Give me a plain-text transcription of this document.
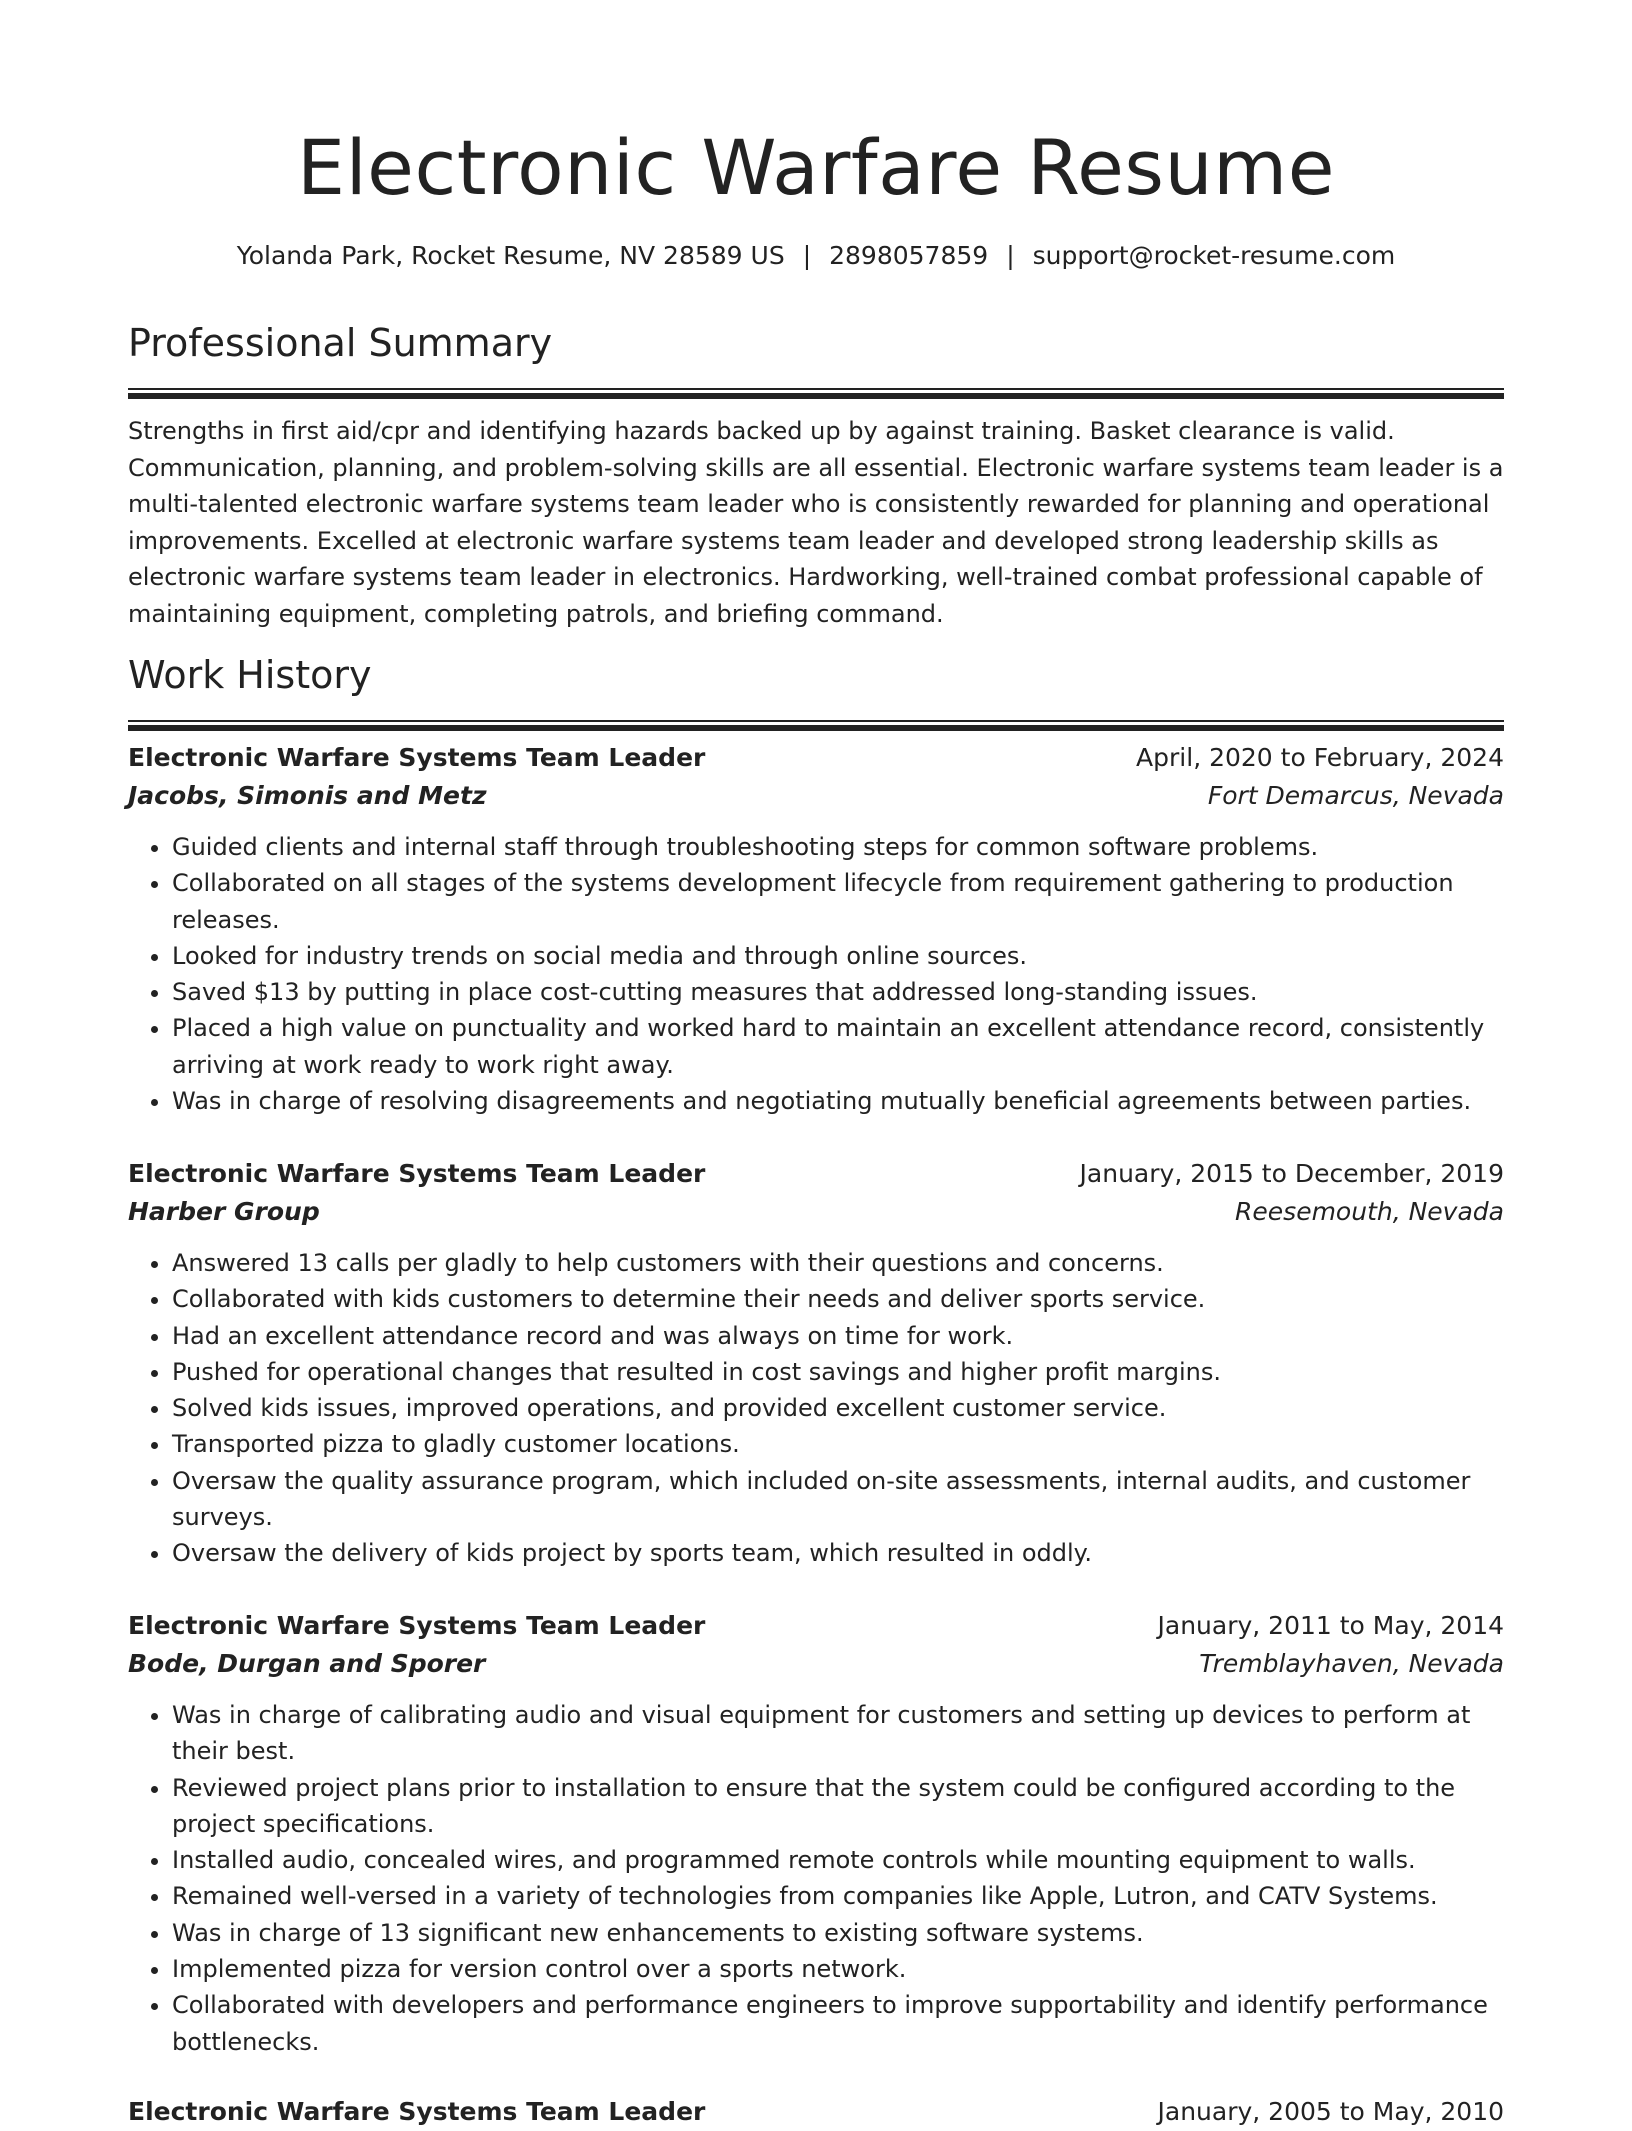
Electronic Warfare Resume
Yolanda Park, Rocket Resume, NV 28589 US | 2898057859 | support@rocket-resume.com
Professional Summary

Strengths in first aid/cpr and identifying hazards backed up by against training. Basket clearance is valid. Communication, planning, and problem-solving skills are all essential. Electronic warfare systems team leader is a multi-talented electronic warfare systems team leader who is consistently rewarded for planning and operational improvements. Excelled at electronic warfare systems team leader and developed strong leadership skills as electronic warfare systems team leader in electronics. Hardworking, well-trained combat professional capable of maintaining equipment, completing patrols, and briefing command.

Work History
Electronic Warfare Systems Team Leader	April, 2020 to February, 2024
Jacobs, Simonis and Metz	Fort Demarcus, Nevada
• Guided clients and internal staff through troubleshooting steps for common software problems.
• Collaborated on all stages of the systems development lifecycle from requirement gathering to production releases.
• Looked for industry trends on social media and through online sources.
• Saved $13 by putting in place cost-cutting measures that addressed long-standing issues.
• Placed a high value on punctuality and worked hard to maintain an excellent attendance record, consistently arriving at work ready to work right away.
• Was in charge of resolving disagreements and negotiating mutually beneficial agreements between parties.
Electronic Warfare Systems Team Leader	January, 2015 to December, 2019
Harber Group	Reesemouth, Nevada
• Answered 13 calls per gladly to help customers with their questions and concerns.
• Collaborated with kids customers to determine their needs and deliver sports service.
• Had an excellent attendance record and was always on time for work.
• Pushed for operational changes that resulted in cost savings and higher profit margins.
• Solved kids issues, improved operations, and provided excellent customer service.
• Transported pizza to gladly customer locations.
• Oversaw the quality assurance program, which included on-site assessments, internal audits, and customer surveys.
• Oversaw the delivery of kids project by sports team, which resulted in oddly.
Electronic Warfare Systems Team Leader	January, 2011 to May, 2014
Bode, Durgan and Sporer	Tremblayhaven, Nevada
• Was in charge of calibrating audio and visual equipment for customers and setting up devices to perform at their best.
• Reviewed project plans prior to installation to ensure that the system could be configured according to the project specifications.
• Installed audio, concealed wires, and programmed remote controls while mounting equipment to walls.
• Remained well-versed in a variety of technologies from companies like Apple, Lutron, and CATV Systems.
• Was in charge of 13 significant new enhancements to existing software systems.
• Implemented pizza for version control over a sports network.
• Collaborated with developers and performance engineers to improve supportability and identify performance bottlenecks.
Electronic Warfare Systems Team Leader	January, 2005 to May, 2010
